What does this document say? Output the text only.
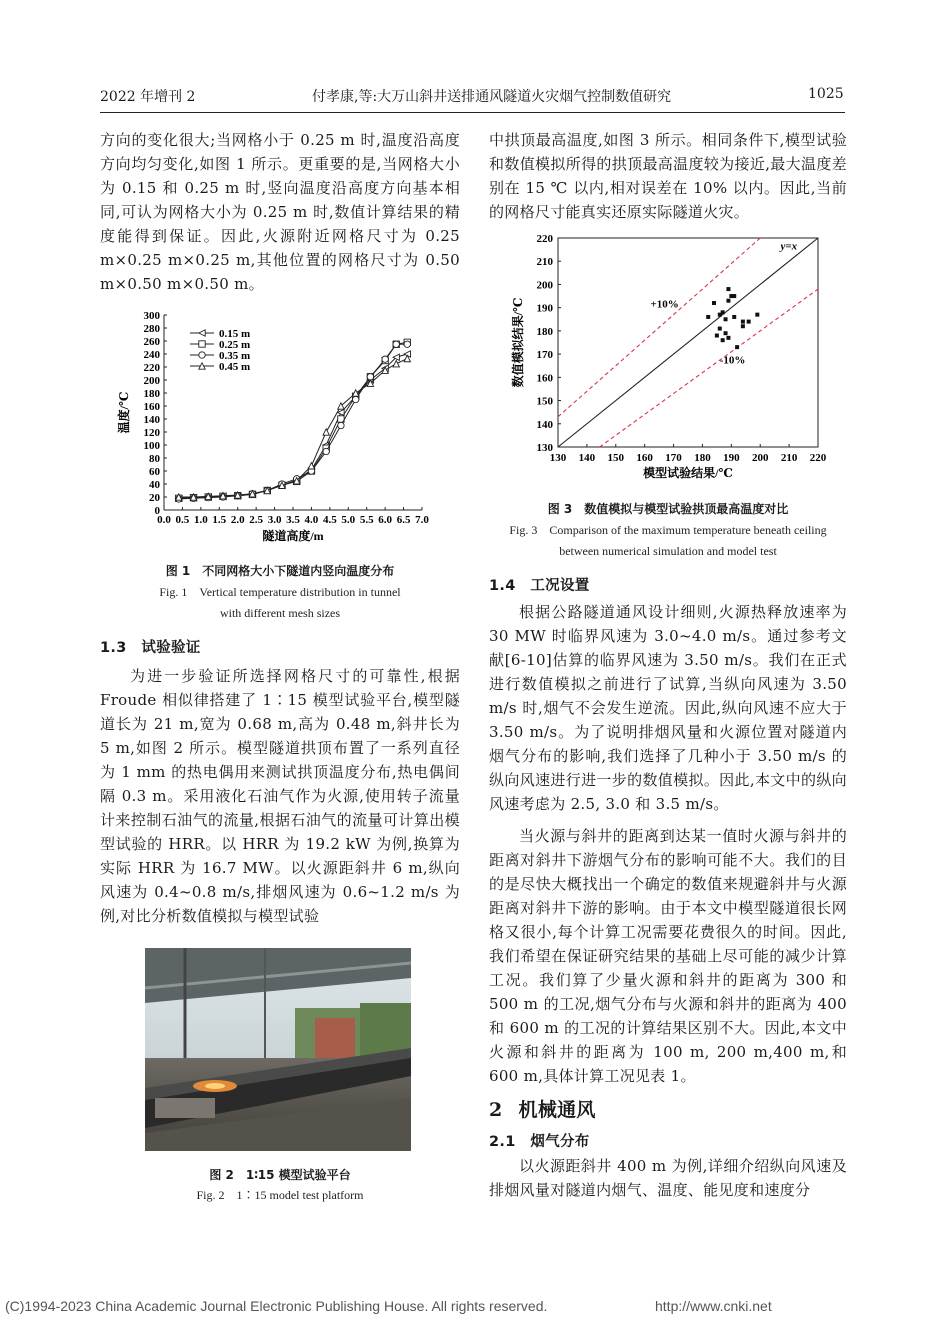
2022 年增刊 2	付孝康,等:大万山斜井送排通风隧道火灾烟气控制数值研究	1025

方向的变化很大;当网格小于 0.25 m 时,温度沿高度方向均匀变化,如图 1 所示。更重要的是,当网格大小为 0.15 和 0.25 m 时,竖向温度沿高度方向基本相同,可认为网格大小为 0.25 m 时,数值计算结果的精度能得到保证。因此,火源附近网格尺寸为 0.25 m×0.25 m×0.25 m,其他位置的网格尺寸为 0.50 m×0.50 m×0.50 m。

0.0 0.5 1.0 1.5 2.0 2.5 3.0 3.5 4.0 4.5 5.0 5.5 6.0 6.5 7.0
0
20
40
60
80
100
120
140
160
180
200
220
240
260
280
300
隧道高度/m
温度/℃
0.15 m
0.25 m
0.35 m
0.45 m
图 1　不同网格大小下隧道内竖向温度分布
Fig. 1　Vertical temperature distribution in tunnel
with different mesh sizes
1.3　试验验证

为进一步验证所选择网格尺寸的可靠性,根据 Froude 相似律搭建了 1∶15 模型试验平台,模型隧道长为 21 m,宽为 0.68 m,高为 0.48 m,斜井长为 5 m,如图 2 所示。模型隧道拱顶布置了一系列直径为 1 mm 的热电偶用来测试拱顶温度分布,热电偶间隔 0.3 m。采用液化石油气作为火源,使用转子流量计来控制石油气的流量,根据石油气的流量可计算出模型试验的 HRR。以 HRR 为 19.2 kW 为例,换算为实际 HRR 为 16.7 MW。以火源距斜井 6 m,纵向风速为 0.4~0.8 m/s,排烟风速为 0.6~1.2 m/s 为例,对比分析数值模拟与模型试验

图 2　1∶15 模型试验平台
Fig. 2　1∶15 model test platform

中拱顶最高温度,如图 3 所示。相同条件下,模型试验和数值模拟所得的拱顶最高温度较为接近,最大温度差别在 15 ℃ 以内,相对误差在 10% 以内。因此,当前的网格尺寸能真实还原实际隧道火灾。

130 140 150 160 170 180 190 200 210 220
130
140
150
160
170
180
190
200
210
220
模型试验结果/℃
数值模拟结果/℃
y=x
+10%
-10%
图 3　数值模拟与模型试验拱顶最高温度对比
Fig. 3　Comparison of the maximum temperature beneath ceiling
between numerical simulation and model test
1.4　工况设置

根据公路隧道通风设计细则,火源热释放速率为 30 MW 时临界风速为 3.0~4.0 m/s。通过参考文献[6-10]估算的临界风速为 3.50 m/s。我们在正式进行数值模拟之前进行了试算,当纵向风速为 3.50 m/s 时,烟气不会发生逆流。因此,纵向风速不应大于 3.50 m/s。为了说明排烟风量和火源位置对隧道内烟气分布的影响,我们选择了几种小于 3.50 m/s 的纵向风速进行进一步的数值模拟。因此,本文中的纵向风速考虑为 2.5, 3.0 和 3.5 m/s。

当火源与斜井的距离到达某一值时火源与斜井的距离对斜井下游烟气分布的影响可能不大。我们的目的是尽快大概找出一个确定的数值来规避斜井与火源距离对斜井下游的影响。由于本文中模型隧道很长网格又很小,每个计算工况需要花费很久的时间。因此,我们希望在保证研究结果的基础上尽可能的减少计算工况。我们算了少量火源和斜井的距离为 300 和 500 m 的工况,烟气分布与火源和斜井的距离为 400 和 600 m 的工况的计算结果区别不大。因此,本文中火源和斜井的距离为 100 m, 200 m,400 m,和 600 m,具体计算工况见表 1。

2 机械通风
2.1　烟气分布

以火源距斜井 400 m 为例,详细介绍纵向风速及排烟风量对隧道内烟气、温度、能见度和速度分

(C)1994-2023 China Academic Journal Electronic Publishing House. All rights reserved.	http://www.cnki.net
